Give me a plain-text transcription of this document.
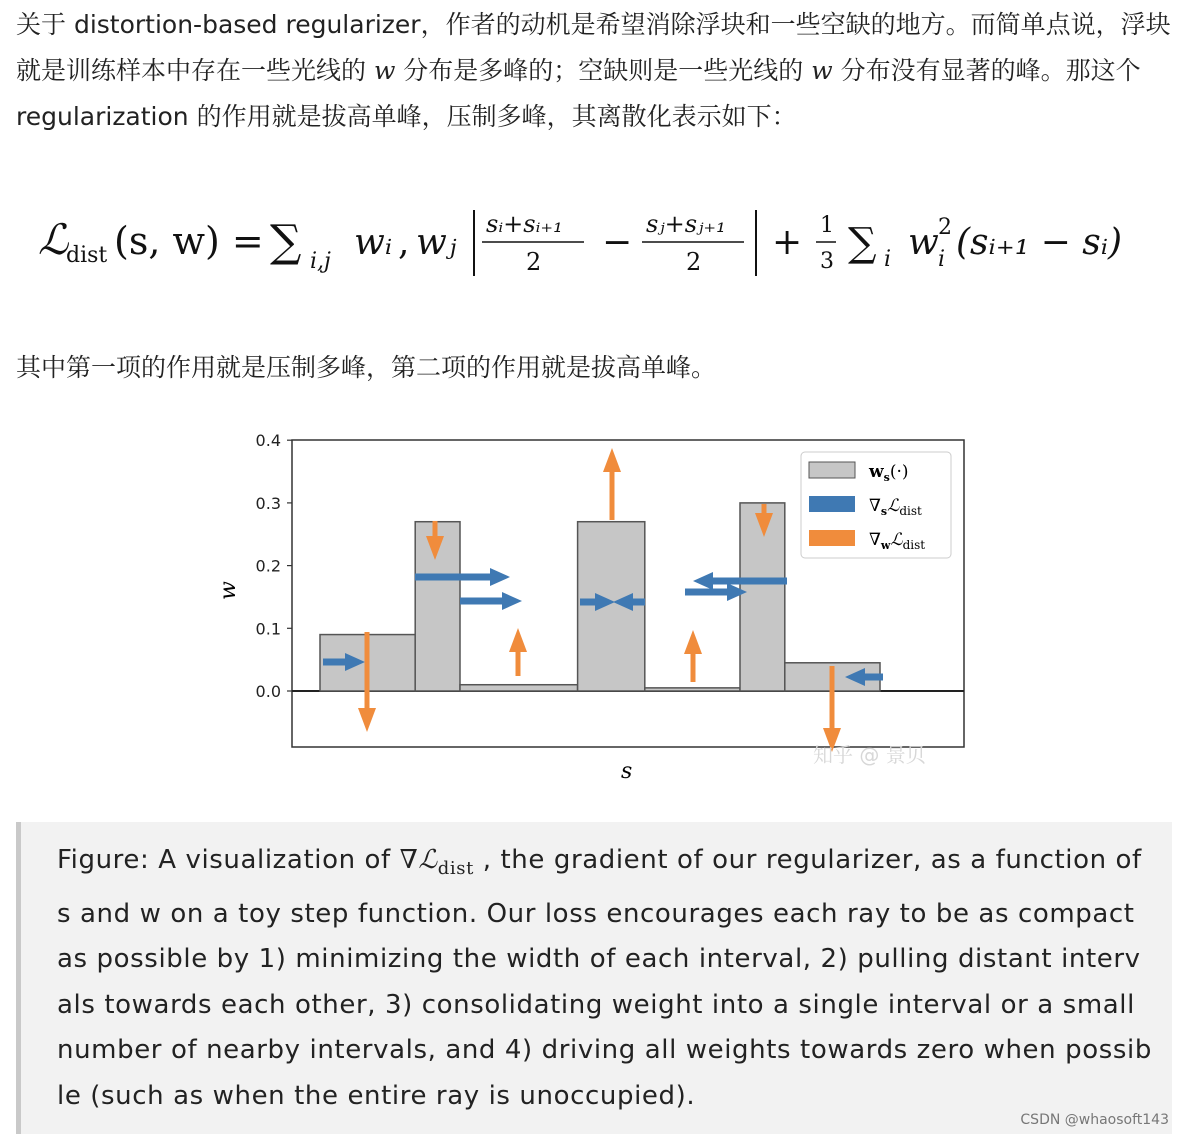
关于 distortion-based regularizer，作者的动机是希望消除浮块和一些空缺的地方。而简单点说，浮块就是训练样本中存在一些光线的 w 分布是多峰的；空缺则是一些光线的 w 分布没有显著的峰。那这个 regularization 的作用就是拔高单峰，压制多峰，其离散化表示如下：
ℒ
dist (s, w) = ∑ i,j wᵢ , wⱼ sᵢ+sᵢ₊₁
2 − sⱼ+sⱼ₊₁
2 + 1
3 ∑ i w 2
i (sᵢ₊₁ − sᵢ)
其中第一项的作用就是压制多峰，第二项的作用就是拔高单峰。
0.0
0.1
0.2
0.3
0.4
w
s
$w_s(\cdot)$
$\nabla_sℒ_{dist}$
$\nabla_wℒ_{dist}$
知乎 @ 景贝
Figure: A visualization of ∇ℒ$_{dist}$ , the gradient of our regularizer, as a function of s and w on a toy step function. Our loss encourages each ray to be as compact as possible by 1) minimizing the width of each interval, 2) pulling distant intervals towards each other, 3) consolidating weight into a single interval or a small number of nearby intervals, and 4) driving all weights towards zero when possible (such as when the entire ray is unoccupied).
CSDN @whaosoft143
